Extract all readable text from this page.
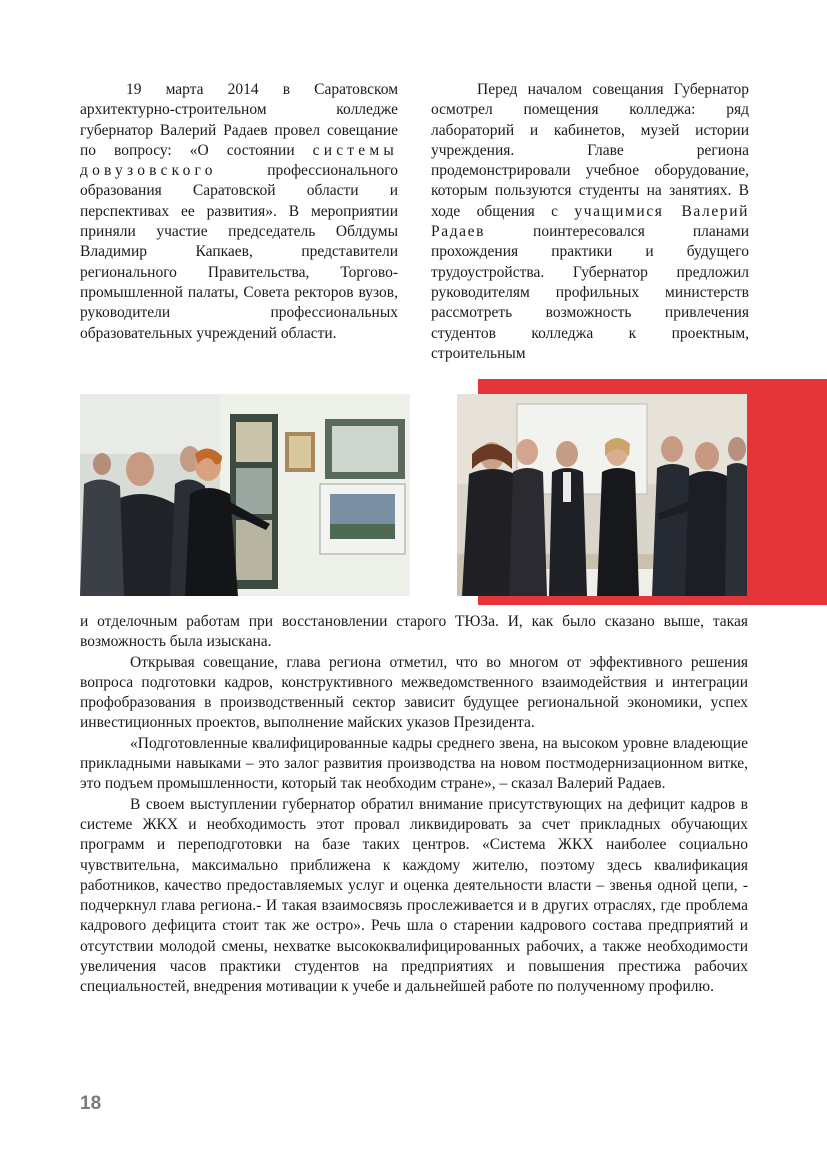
19 марта 2014 в Саратовском архитектурно-строительном колледже губернатор Валерий Радаев провел совещание по вопросу: «О состоянии системы довузовского	профессионального образования Саратовской области и перспективах ее развития». В мероприятии приняли участие председатель Облдумы Владимир Капкаев, представители регионального Правительства, Торгово-промышленной палаты, Совета ректоров вузов, руководители профессиональных образовательных учреждений области.
Перед началом совещания Губернатор осмотрел помещения колледжа: ряд лабораторий и кабинетов, музей истории учреждения. Главе региона продемонстрировали учебное оборудование, которым пользуются студенты на занятиях. В ходе общения с учащимися Валерий Радаев	поинтересовался планами прохождения практики и будущего трудоустройства. Губернатор предложил руководителям профильных министерств рассмотреть возможность привлечения студентов колледжа к проектным, строительным

и отделочным работам при восстановлении старого ТЮЗа. И, как было сказано выше, такая возможность была изыскана.

Открывая совещание, глава региона отметил, что во многом от эффективного решения вопроса подготовки кадров, конструктивного межведомственного взаимодействия и интеграции профобразования в производственный сектор зависит будущее региональной экономики, успех инвестиционных проектов, выполнение майских указов Президента.

«Подготовленные квалифицированные кадры среднего звена, на высоком уровне владеющие прикладными навыками – это залог развития производства на новом постмодернизационном витке, это подъем промышленности, который так необходим стране», – сказал Валерий Радаев.

В своем выступлении губернатор обратил внимание присутствующих на дефицит кадров в системе ЖКХ и необходимость этот провал ликвидировать за счет прикладных обучающих программ и переподготовки на базе таких центров. «Система ЖКХ наиболее социально чувствительна, максимально приближена к каждому жителю, поэтому здесь квалификация работников, качество предоставляемых услуг и оценка деятельности власти – звенья одной цепи, - подчеркнул глава региона.- И такая взаимосвязь прослеживается и в других отраслях, где проблема кадрового дефицита стоит так же остро». Речь шла о старении кадрового состава предприятий и отсутствии молодой смены, нехватке высококвалифицированных рабочих, а также необходимости увеличения часов практики студентов на предприятиях и повышения престижа рабочих специальностей, внедрения мотивации к учебе и дальнейшей работе по полученному профилю.

18
